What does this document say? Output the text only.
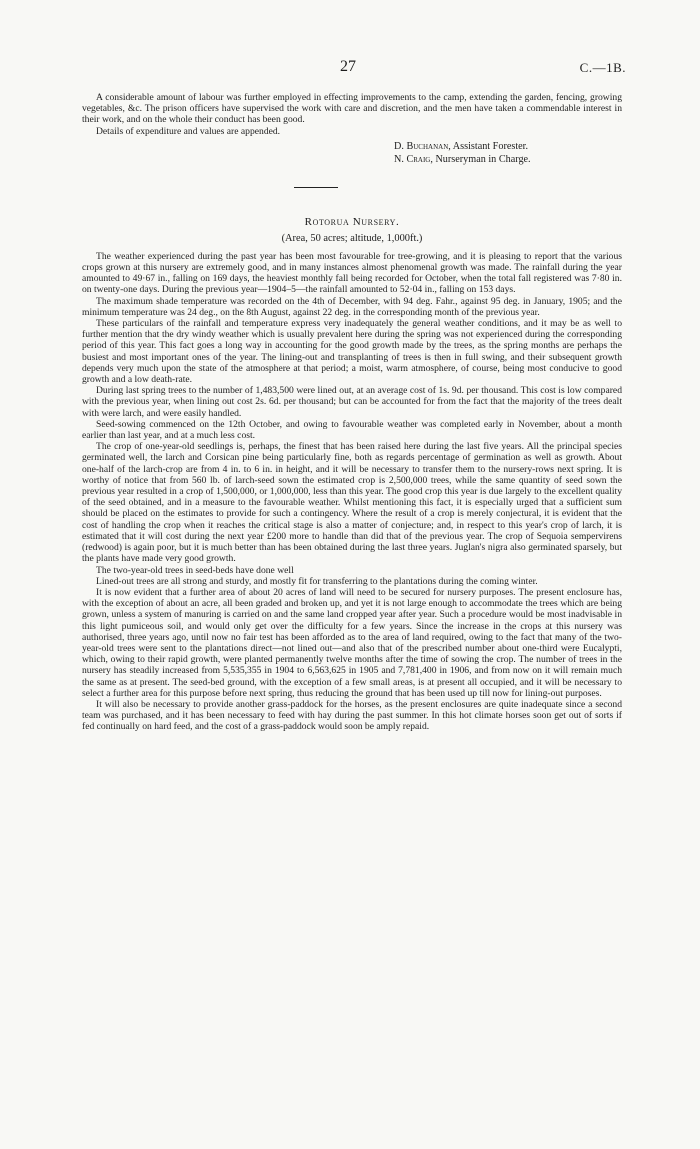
27	C.—1B.

A considerable amount of labour was further employed in effecting improvements to the camp, extending the garden, fencing, growing vegetables, &c. The prison officers have supervised the work with care and discretion, and the men have taken a commendable interest in their work, and on the whole their conduct has been good.

Details of expenditure and values are appended.

D. Buchanan, Assistant Forester.
N. Craig, Nurseryman in Charge.
Rotorua Nursery.
(Area, 50 acres; altitude, 1,000ft.)

The weather experienced during the past year has been most favourable for tree-growing, and it is pleasing to report that the various crops grown at this nursery are extremely good, and in many instances almost phenomenal growth was made. The rainfall during the year amounted to 49·67 in., falling on 169 days, the heaviest monthly fall being recorded for October, when the total fall registered was 7·80 in. on twenty-one days. During the previous year—1904–5—the rainfall amounted to 52·04 in., falling on 153 days.

The maximum shade temperature was recorded on the 4th of December, with 94 deg. Fahr., against 95 deg. in January, 1905; and the minimum temperature was 24 deg., on the 8th August, against 22 deg. in the corresponding month of the previous year.

These particulars of the rainfall and temperature express very inadequately the general weather conditions, and it may be as well to further mention that the dry windy weather which is usually prevalent here during the spring was not experienced during the corresponding period of this year. This fact goes a long way in accounting for the good growth made by the trees, as the spring months are perhaps the busiest and most important ones of the year. The lining-out and transplanting of trees is then in full swing, and their subsequent growth depends very much upon the state of the atmosphere at that period; a moist, warm atmosphere, of course, being most conducive to good growth and a low death-rate.

During last spring trees to the number of 1,483,500 were lined out, at an average cost of 1s. 9d. per thousand. This cost is low compared with the previous year, when lining out cost 2s. 6d. per thousand; but can be accounted for from the fact that the majority of the trees dealt with were larch, and were easily handled.

Seed-sowing commenced on the 12th October, and owing to favourable weather was completed early in November, about a month earlier than last year, and at a much less cost.

The crop of one-year-old seedlings is, perhaps, the finest that has been raised here during the last five years. All the principal species germinated well, the larch and Corsican pine being particularly fine, both as regards percentage of germination as well as growth. About one-half of the larch-crop are from 4 in. to 6 in. in height, and it will be necessary to transfer them to the nursery-rows next spring. It is worthy of notice that from 560 lb. of larch-seed sown the estimated crop is 2,500,000 trees, while the same quantity of seed sown the previous year resulted in a crop of 1,500,000, or 1,000,000, less than this year. The good crop this year is due largely to the excellent quality of the seed obtained, and in a measure to the favourable weather. Whilst mentioning this fact, it is especially urged that a sufficient sum should be placed on the estimates to provide for such a contingency. Where the result of a crop is merely conjectural, it is evident that the cost of handling the crop when it reaches the critical stage is also a matter of conjecture; and, in respect to this year's crop of larch, it is estimated that it will cost during the next year £200 more to handle than did that of the previous year. The crop of Sequoia sempervirens (redwood) is again poor, but it is much better than has been obtained during the last three years. Juglan's nigra also germinated sparsely, but the plants have made very good growth.

The two-year-old trees in seed-beds have done well

Lined-out trees are all strong and sturdy, and mostly fit for transferring to the plantations during the coming winter.

It is now evident that a further area of about 20 acres of land will need to be secured for nursery purposes. The present enclosure has, with the exception of about an acre, all been graded and broken up, and yet it is not large enough to accommodate the trees which are being grown, unless a system of manuring is carried on and the same land cropped year after year. Such a procedure would be most inadvisable in this light pumiceous soil, and would only get over the difficulty for a few years. Since the increase in the crops at this nursery was authorised, three years ago, until now no fair test has been afforded as to the area of land required, owing to the fact that many of the two-year-old trees were sent to the plantations direct—not lined out—and also that of the prescribed number about one-third were Eucalypti, which, owing to their rapid growth, were planted permanently twelve months after the time of sowing the crop. The number of trees in the nursery has steadily increased from 5,535,355 in 1904 to 6,563,625 in 1905 and 7,781,400 in 1906, and from now on it will remain much the same as at present. The seed-bed ground, with the exception of a few small areas, is at present all occupied, and it will be necessary to select a further area for this purpose before next spring, thus reducing the ground that has been used up till now for lining-out purposes.

It will also be necessary to provide another grass-paddock for the horses, as the present enclosures are quite inadequate since a second team was purchased, and it has been necessary to feed with hay during the past summer. In this hot climate horses soon get out of sorts if fed continually on hard feed, and the cost of a grass-paddock would soon be amply repaid.
